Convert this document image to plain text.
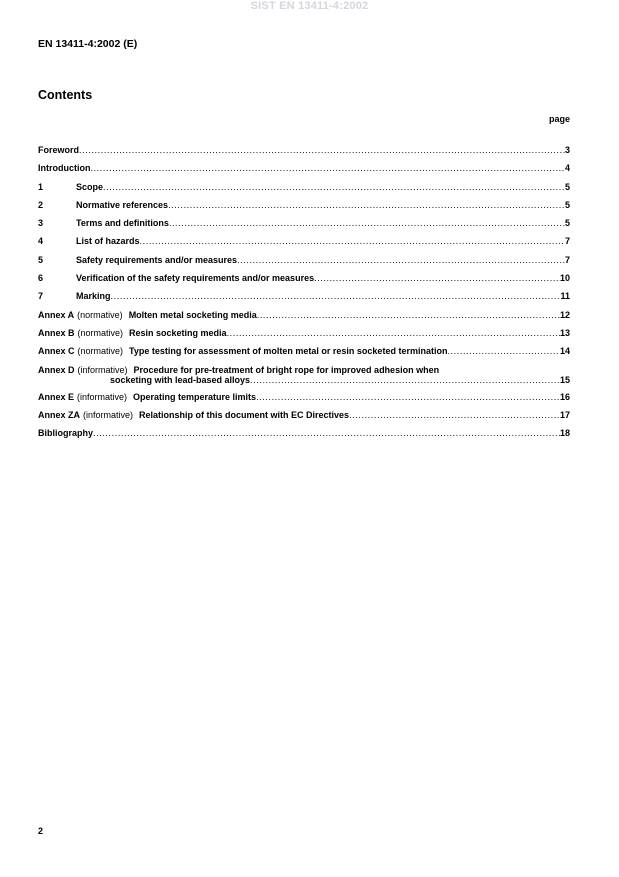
SIST EN 13411-4:2002
EN 13411-4:2002 (E)
Contents
page
Foreword .....	3
Introduction .....	4
1	Scope .....	5
2	Normative references .....	5
3	Terms and definitions .....	5
4	List of hazards .....	7
5	Safety requirements and/or measures .....	7
6	Verification of the safety requirements and/or measures .....	10
7	Marking .....	11
Annex A (normative) Molten metal socketing media .....	12
Annex B (normative) Resin socketing media .....	13
Annex C (normative) Type testing for assessment of molten metal or resin socketed termination .....	14
Annex D (informative) Procedure for pre-treatment of bright rope for improved adhesion when
socketing with lead-based alloys .....	15
Annex E (informative) Operating temperature limits .....	16
Annex ZA (informative) Relationship of this document with EC Directives .....	17
Bibliography .....	18
2
